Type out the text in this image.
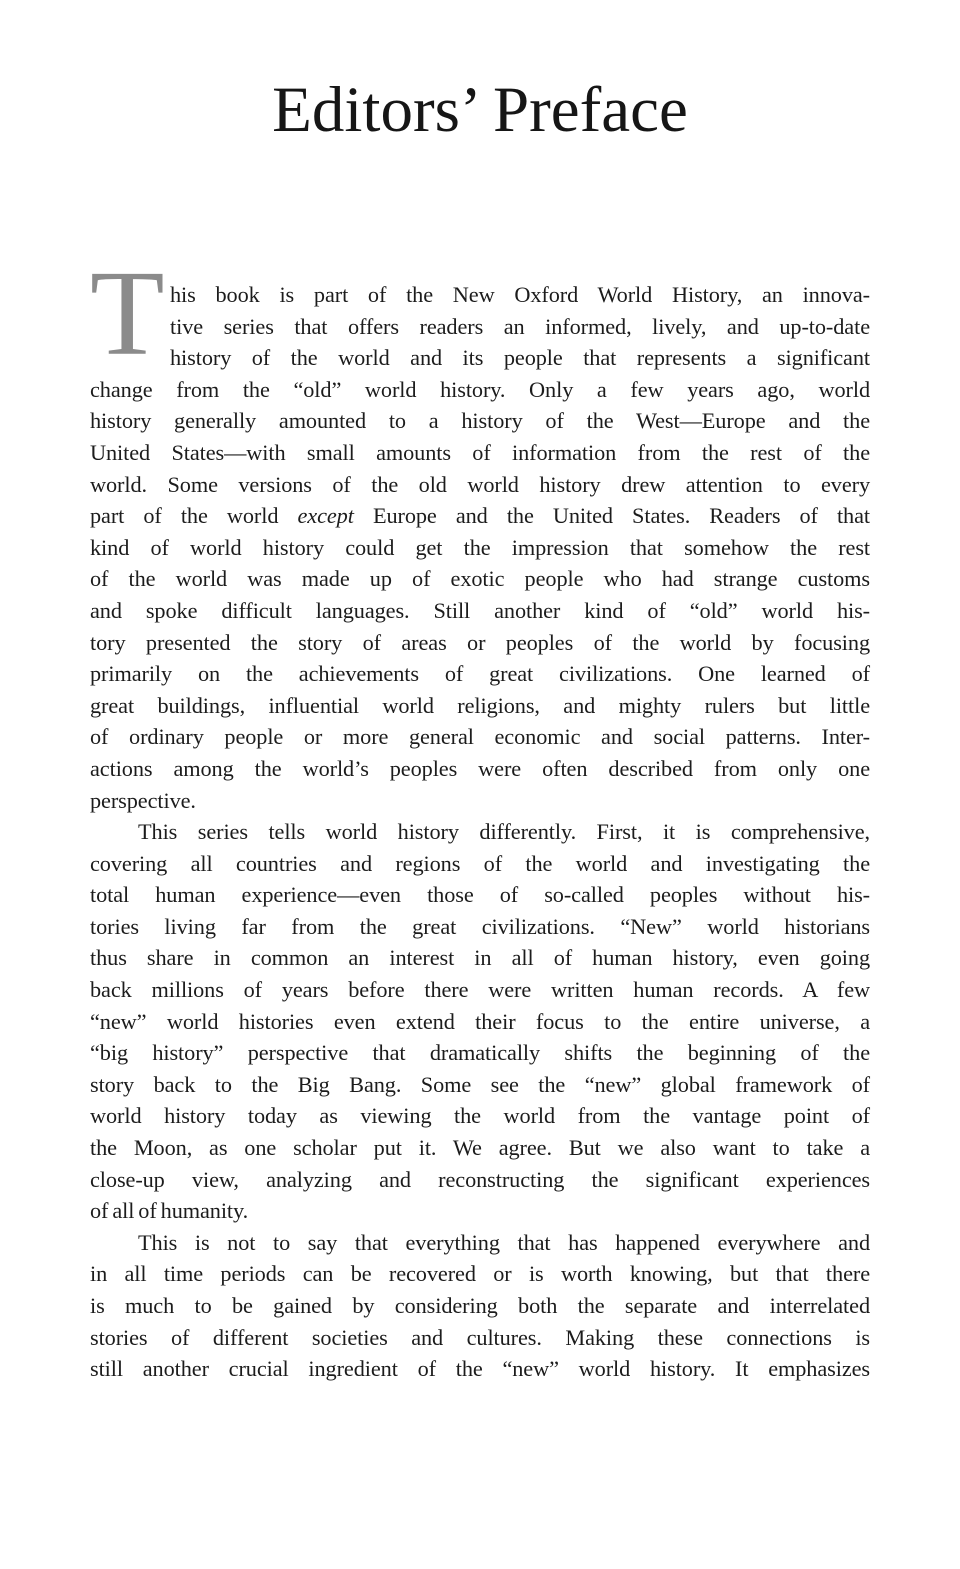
Editors’ Preface
T his book is part of the New Oxford World History, an innova-
tive series that offers readers an informed, lively, and up-to-date
history of the world and its people that represents a significant
change from the “old” world history. Only a few years ago, world
history generally amounted to a history of the West—Europe and the
United States—with small amounts of information from the rest of the
world. Some versions of the old world history drew attention to every
part of the world except Europe and the United States. Readers of that
kind of world history could get the impression that somehow the rest
of the world was made up of exotic people who had strange customs
and spoke difficult languages. Still another kind of “old” world his-
tory presented the story of areas or peoples of the world by focusing
primarily on the achievements of great civilizations. One learned of
great buildings, influential world religions, and mighty rulers but little
of ordinary people or more general economic and social patterns. Inter-
actions among the world’s peoples were often described from only one
perspective.
This series tells world history differently. First, it is comprehensive,
covering all countries and regions of the world and investigating the
total human experience—even those of so-called peoples without his-
tories living far from the great civilizations. “New” world historians
thus share in common an interest in all of human history, even going
back millions of years before there were written human records. A few
“new” world histories even extend their focus to the entire universe, a
“big history” perspective that dramatically shifts the beginning of the
story back to the Big Bang. Some see the “new” global framework of
world history today as viewing the world from the vantage point of
the Moon, as one scholar put it. We agree. But we also want to take a
close-up view, analyzing and reconstructing the significant experiences
of all of humanity.
This is not to say that everything that has happened everywhere and
in all time periods can be recovered or is worth knowing, but that there
is much to be gained by considering both the separate and interrelated
stories of different societies and cultures. Making these connections is
still another crucial ingredient of the “new” world history. It emphasizes
